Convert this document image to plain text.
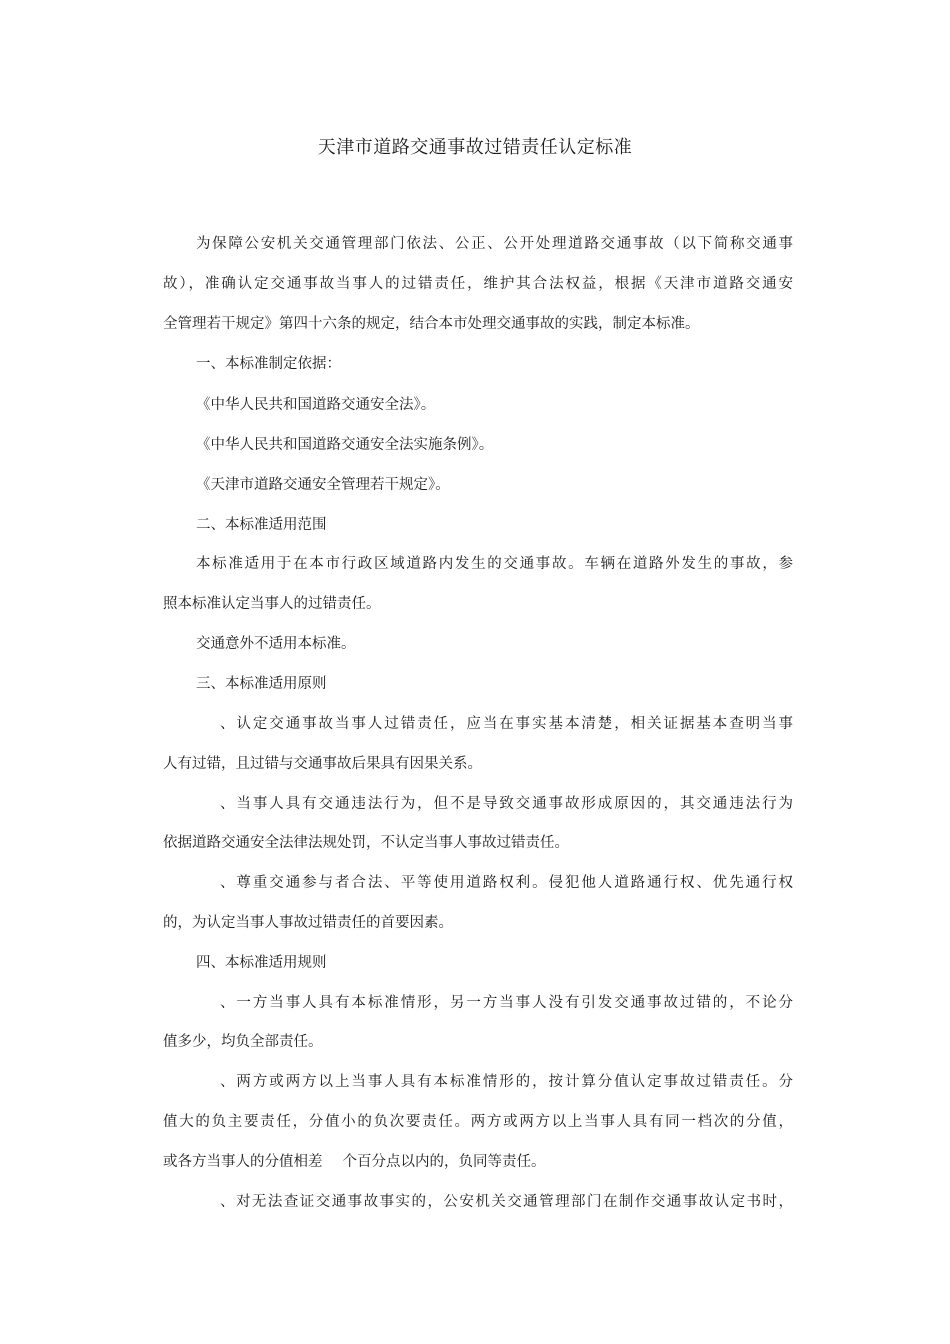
天津市道路交通事故过错责任认定标准
为保障公安机关交通管理部门依法、公正、公开处理道路交通事故（以下简称交通事
故），准确认定交通事故当事人的过错责任，维护其合法权益，根据《天津市道路交通安
全管理若干规定》第四十六条的规定，结合本市处理交通事故的实践，制定本标准。
一、本标准制定依据：
《中华人民共和国道路交通安全法》。
《中华人民共和国道路交通安全法实施条例》。
《天津市道路交通安全管理若干规定》。
二、本标准适用范围
本标准适用于在本市行政区域道路内发生的交通事故。车辆在道路外发生的事故，参
照本标准认定当事人的过错责任。
交通意外不适用本标准。
三、本标准适用原则
、认定交通事故当事人过错责任，应当在事实基本清楚，相关证据基本查明当事
人有过错，且过错与交通事故后果具有因果关系。
、当事人具有交通违法行为，但不是导致交通事故形成原因的，其交通违法行为
依据道路交通安全法律法规处罚，不认定当事人事故过错责任。
、尊重交通参与者合法、平等使用道路权利。侵犯他人道路通行权、优先通行权
的，为认定当事人事故过错责任的首要因素。
四、本标准适用规则
、一方当事人具有本标准情形，另一方当事人没有引发交通事故过错的，不论分
值多少，均负全部责任。
、两方或两方以上当事人具有本标准情形的，按计算分值认定事故过错责任。分
值大的负主要责任，分值小的负次要责任。两方或两方以上当事人具有同一档次的分值，
或各方当事人的分值相差 个百分点以内的，负同等责任。
、对无法查证交通事故事实的，公安机关交通管理部门在制作交通事故认定书时，
